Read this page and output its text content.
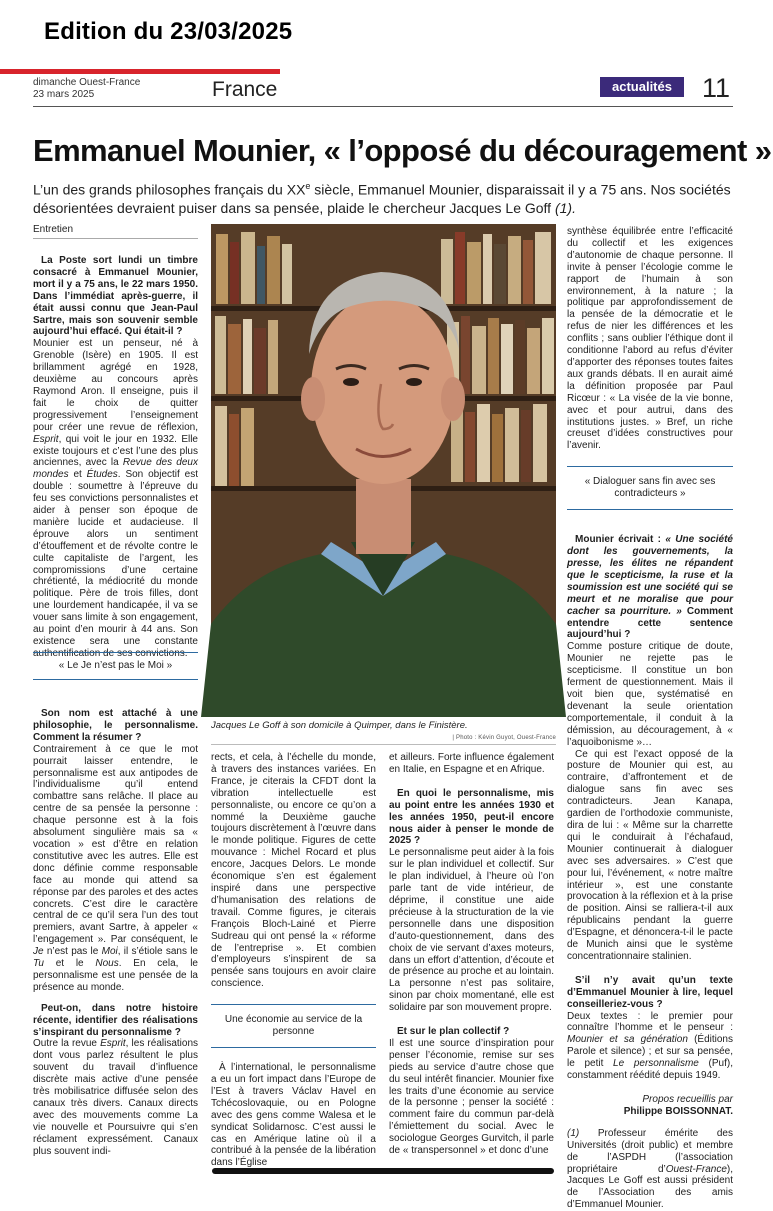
Edition du 23/03/2025
dimanche Ouest-France
23 mars 2025	France	actualités	11
Emmanuel Mounier, « l’opposé du découragement »
L’un des grands philosophes français du XXe siècle, Emmanuel Mounier, disparaissait il y a 75 ans. Nos sociétés désorientées devraient puiser dans sa pensée, plaide le chercheur Jacques Le Goff (1).
Entretien

La Poste sort lundi un timbre consacré à Emmanuel Mounier, mort il y a 75 ans, le 22 mars 1950. Dans l’immédiat après-guerre, il était aussi connu que Jean-Paul Sartre, mais son souvenir semble aujourd’hui effacé. Qui était-il ?

Mounier est un penseur, né à Grenoble (Isère) en 1905. Il est brillamment agrégé en 1928, deuxième au concours après Raymond Aron. Il enseigne, puis il fait le choix de quitter progressivement l’enseignement pour créer une revue de réflexion, Esprit, qui voit le jour en 1932. Elle existe toujours et c’est l’une des plus anciennes, avec la Revue des deux mondes et Études. Son objectif est double : soumettre à l’épreuve du feu ses convictions personnalistes et aider à penser son époque de manière lucide et audacieuse. Il éprouve alors un sentiment d’étouffement et de révolte contre le culte capitaliste de l’argent, les compromissions d’une certaine chrétienté, la médiocrité du monde politique. Père de trois filles, dont une lourdement handicapée, il va se vouer sans limite à son engagement, au point d’en mourir à 44 ans. Son existence sera une constante authentification de ses convictions.

« Le Je n’est pas le Moi »

Son nom est attaché à une philosophie, le personnalisme. Comment la résumer ?

Contrairement à ce que le mot pourrait laisser entendre, le personnalisme est aux antipodes de l’individualisme qu’il entend combattre sans relâche. Il place au centre de sa pensée la personne : chaque personne est à la fois absolument singulière mais sa « vocation » est d’être en relation constitutive avec les autres. Elle est donc définie comme responsable face au monde qui attend sa réponse par des paroles et des actes concrets. C’est dire le caractère central de ce qu’il sera l’un des tout premiers, avant Sartre, à appeler « l’engagement ». Par conséquent, le Je n’est pas le Moi, il s’étiole sans le Tu et le Nous. En cela, le personnalisme est une pensée de la présence au monde.

Peut-on, dans notre histoire récente, identifier des réalisations s’inspirant du personnalisme ?

Outre la revue Esprit, les réalisations dont vous parlez résultent le plus souvent du travail d’influence discrète mais active d’une pensée très mobilisatrice diffusée selon des canaux très divers. Canaux directs avec des mouvements comme La vie nouvelle et Poursuivre qui s’en réclament expressément. Canaux plus souvent indi-

Jacques Le Goff à son domicile à Quimper, dans le Finistère.
| Photo : Kévin Guyot, Ouest-France

rects, et cela, à l’échelle du monde, à travers des instances variées. En France, je citerais la CFDT dont la vibration intellectuelle est personnaliste, ou encore ce qu’on a nommé la Deuxième gauche toujours discrètement à l’œuvre dans le monde politique. Figures de cette mouvance : Michel Rocard et plus encore, Jacques Delors. Le monde économique s’en est également inspiré dans une perspective d’humanisation des relations de travail. Comme figures, je citerais François Bloch-Lainé et Pierre Sudreau qui ont pensé la « réforme de l’entreprise ». Et combien d’employeurs s’inspirent de sa pensée sans toujours en avoir claire conscience.

Une économie au service de la personne

À l’international, le personnalisme a eu un fort impact dans l’Europe de l’Est à travers Václav Havel en Tchécoslovaquie, ou en Pologne avec des gens comme Walesa et le syndicat Solidarnosc. C’est aussi le cas en Amérique latine où il a contribué à la pensée de la libération dans l’Église

et ailleurs. Forte influence également en Italie, en Espagne et en Afrique.

En quoi le personnalisme, mis au point entre les années 1930 et les années 1950, peut-il encore nous aider à penser le monde de 2025 ?

Le personnalisme peut aider à la fois sur le plan individuel et collectif. Sur le plan individuel, à l’heure où l’on parle tant de vide intérieur, de déprime, il constitue une aide précieuse à la structuration de la vie personnelle dans une disposition d’auto-questionnement, dans des choix de vie servant d’axes moteurs, dans un effort d’attention, d’écoute et de présence au proche et au lointain. La personne n’est pas solitaire, sinon par choix momentané, elle est solidaire par son mouvement propre.

Et sur le plan collectif ?

Il est une source d’inspiration pour penser l’économie, remise sur ses pieds au service d’autre chose que du seul intérêt financier. Mounier fixe les traits d’une économie au service de la personne ; penser la société : comment faire du commun par-delà l’émiettement du social. Avec le sociologue Georges Gurvitch, il parle de « transpersonnel » et donc d’une

synthèse équilibrée entre l’efficacité du collectif et les exigences d’autonomie de chaque personne. Il invite à penser l’écologie comme le rapport de l’humain à son environnement, à la nature ; la politique par approfondissement de la pensée de la démocratie et le refus de nier les différences et les conflits ; sans oublier l’éthique dont il conditionne l’abord au refus d’éviter d’apporter des réponses toutes faites aux grands débats. Il en aurait aimé la définition proposée par Paul Ricœur : « La visée de la vie bonne, avec et pour autrui, dans des institutions justes. » Bref, un riche creuset d’idées constructives pour l’avenir.

« Dialoguer sans fin avec ses contradicteurs »

Mounier écrivait : « Une société dont les gouvernements, la presse, les élites ne répandent que le scepticisme, la ruse et la soumission est une société qui se meurt et ne moralise que pour cacher sa pourriture. » Comment entendre cette sentence aujourd’hui ?

Comme posture critique de doute, Mounier ne rejette pas le scepticisme. Il constitue un bon ferment de questionnement. Mais il voit bien que, systématisé en devenant la seule orientation comportementale, il conduit à la démission, au découragement, à « l’aquoibonisme »…

Ce qui est l’exact opposé de la posture de Mounier qui est, au contraire, d’affrontement et de dialogue sans fin avec ses contradicteurs. Jean Kanapa, gardien de l’orthodoxie communiste, dira de lui : « Même sur la charrette qui le conduirait à l’échafaud, Mounier continuerait à dialoguer avec ses adversaires. » C’est que pour lui, l’événement, « notre maître intérieur », est une constante provocation à la réflexion et à la prise de position. Ainsi se ralliera-t-il aux républicains pendant la guerre d’Espagne, et dénoncera-t-il le pacte de Munich ainsi que le système concentrationnaire stalinien.

S’il n’y avait qu’un texte d’Emmanuel Mounier à lire, lequel conseilleriez-vous ?

Deux textes : le premier pour connaître l’homme et le penseur : Mounier et sa génération (Éditions Parole et silence) ; et sur sa pensée, le petit Le personnalisme (Puf), constamment réédité depuis 1949.

Propos recueillis par
Philippe BOISSONNAT.

(1) Professeur émérite des Universités (droit public) et membre de l’ASPDH (l’association propriétaire d’Ouest-France), Jacques Le Goff est aussi président de l’Association des amis d’Emmanuel Mounier.
